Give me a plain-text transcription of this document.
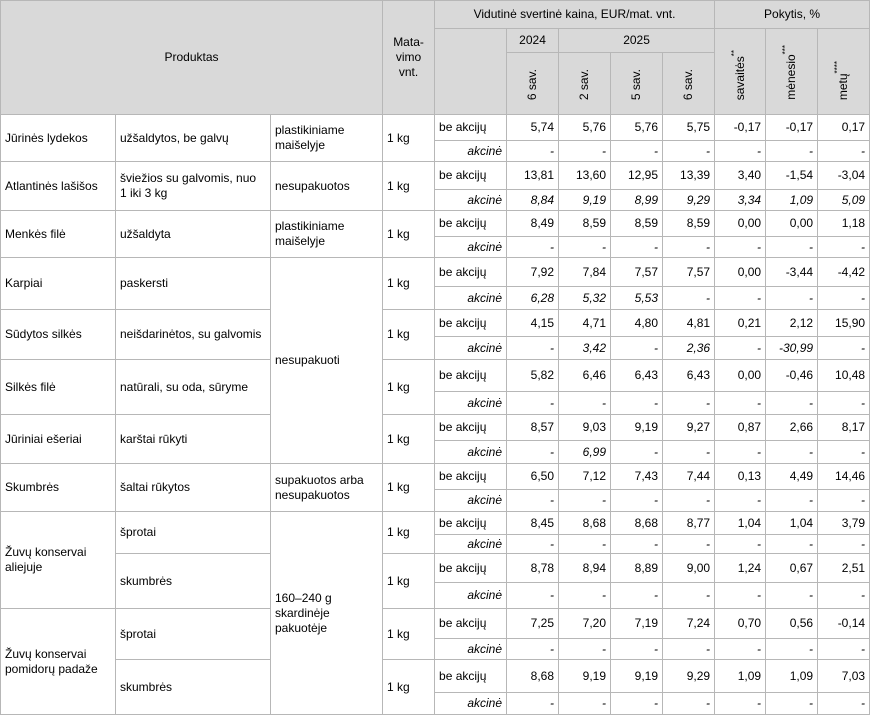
Produktas			Mata-
vimo
vnt.	Vidutinė svertinė kaina, EUR/mat. vnt.					Pokytis, %		
					2024	2025			savaitės**	mėnesio***	metų****
					6 sav.	2 sav.	5 sav.	6 sav.			
Jūrinės lydekos	užšaldytos, be galvų	plastikiniame maišelyje	1 kg	be akcijų	5,74	5,76	5,76	5,75	-0,17	-0,17	0,17
				akcinė	-	-	-	-	-	-	-
Atlantinės lašišos	šviežios su galvomis, nuo 1 iki 3 kg	nesupakuotos	1 kg	be akcijų	13,81	13,60	12,95	13,39	3,40	-1,54	-3,04
				akcinė	8,84	9,19	8,99	9,29	3,34	1,09	5,09
Menkės filė	užšaldyta	plastikiniame maišelyje	1 kg	be akcijų	8,49	8,59	8,59	8,59	0,00	0,00	1,18
				akcinė	-	-	-	-	-	-	-
Karpiai	paskersti	nesupakuoti	1 kg	be akcijų	7,92	7,84	7,57	7,57	0,00	-3,44	-4,42
				akcinė	6,28	5,32	5,53	-	-	-	-
Sūdytos silkės	neišdarinėtos, su galvomis		1 kg	be akcijų	4,15	4,71	4,80	4,81	0,21	2,12	15,90
				akcinė	-	3,42	-	2,36	-	-30,99	-
Silkės filė	natūrali, su oda, sūryme		1 kg	be akcijų	5,82	6,46	6,43	6,43	0,00	-0,46	10,48
				akcinė	-	-	-	-	-	-	-
Jūriniai ešeriai	karštai rūkyti		1 kg	be akcijų	8,57	9,03	9,19	9,27	0,87	2,66	8,17
				akcinė	-	6,99	-	-	-	-	-
Skumbrės	šaltai rūkytos	supakuotos arba nesupakuotos	1 kg	be akcijų	6,50	7,12	7,43	7,44	0,13	4,49	14,46
				akcinė	-	-	-	-	-	-	-
Žuvų konservai aliejuje	šprotai	160–240 g skardinėje pakuotėje	1 kg	be akcijų	8,45	8,68	8,68	8,77	1,04	1,04	3,79
				akcinė	-	-	-	-	-	-	-
	skumbrės		1 kg	be akcijų	8,78	8,94	8,89	9,00	1,24	0,67	2,51
				akcinė	-	-	-	-	-	-	-
Žuvų konservai pomidorų padaže	šprotai		1 kg	be akcijų	7,25	7,20	7,19	7,24	0,70	0,56	-0,14
				akcinė	-	-	-	-	-	-	-
	skumbrės		1 kg	be akcijų	8,68	9,19	9,19	9,29	1,09	1,09	7,03
				akcinė	-	-	-	-	-	-	-
